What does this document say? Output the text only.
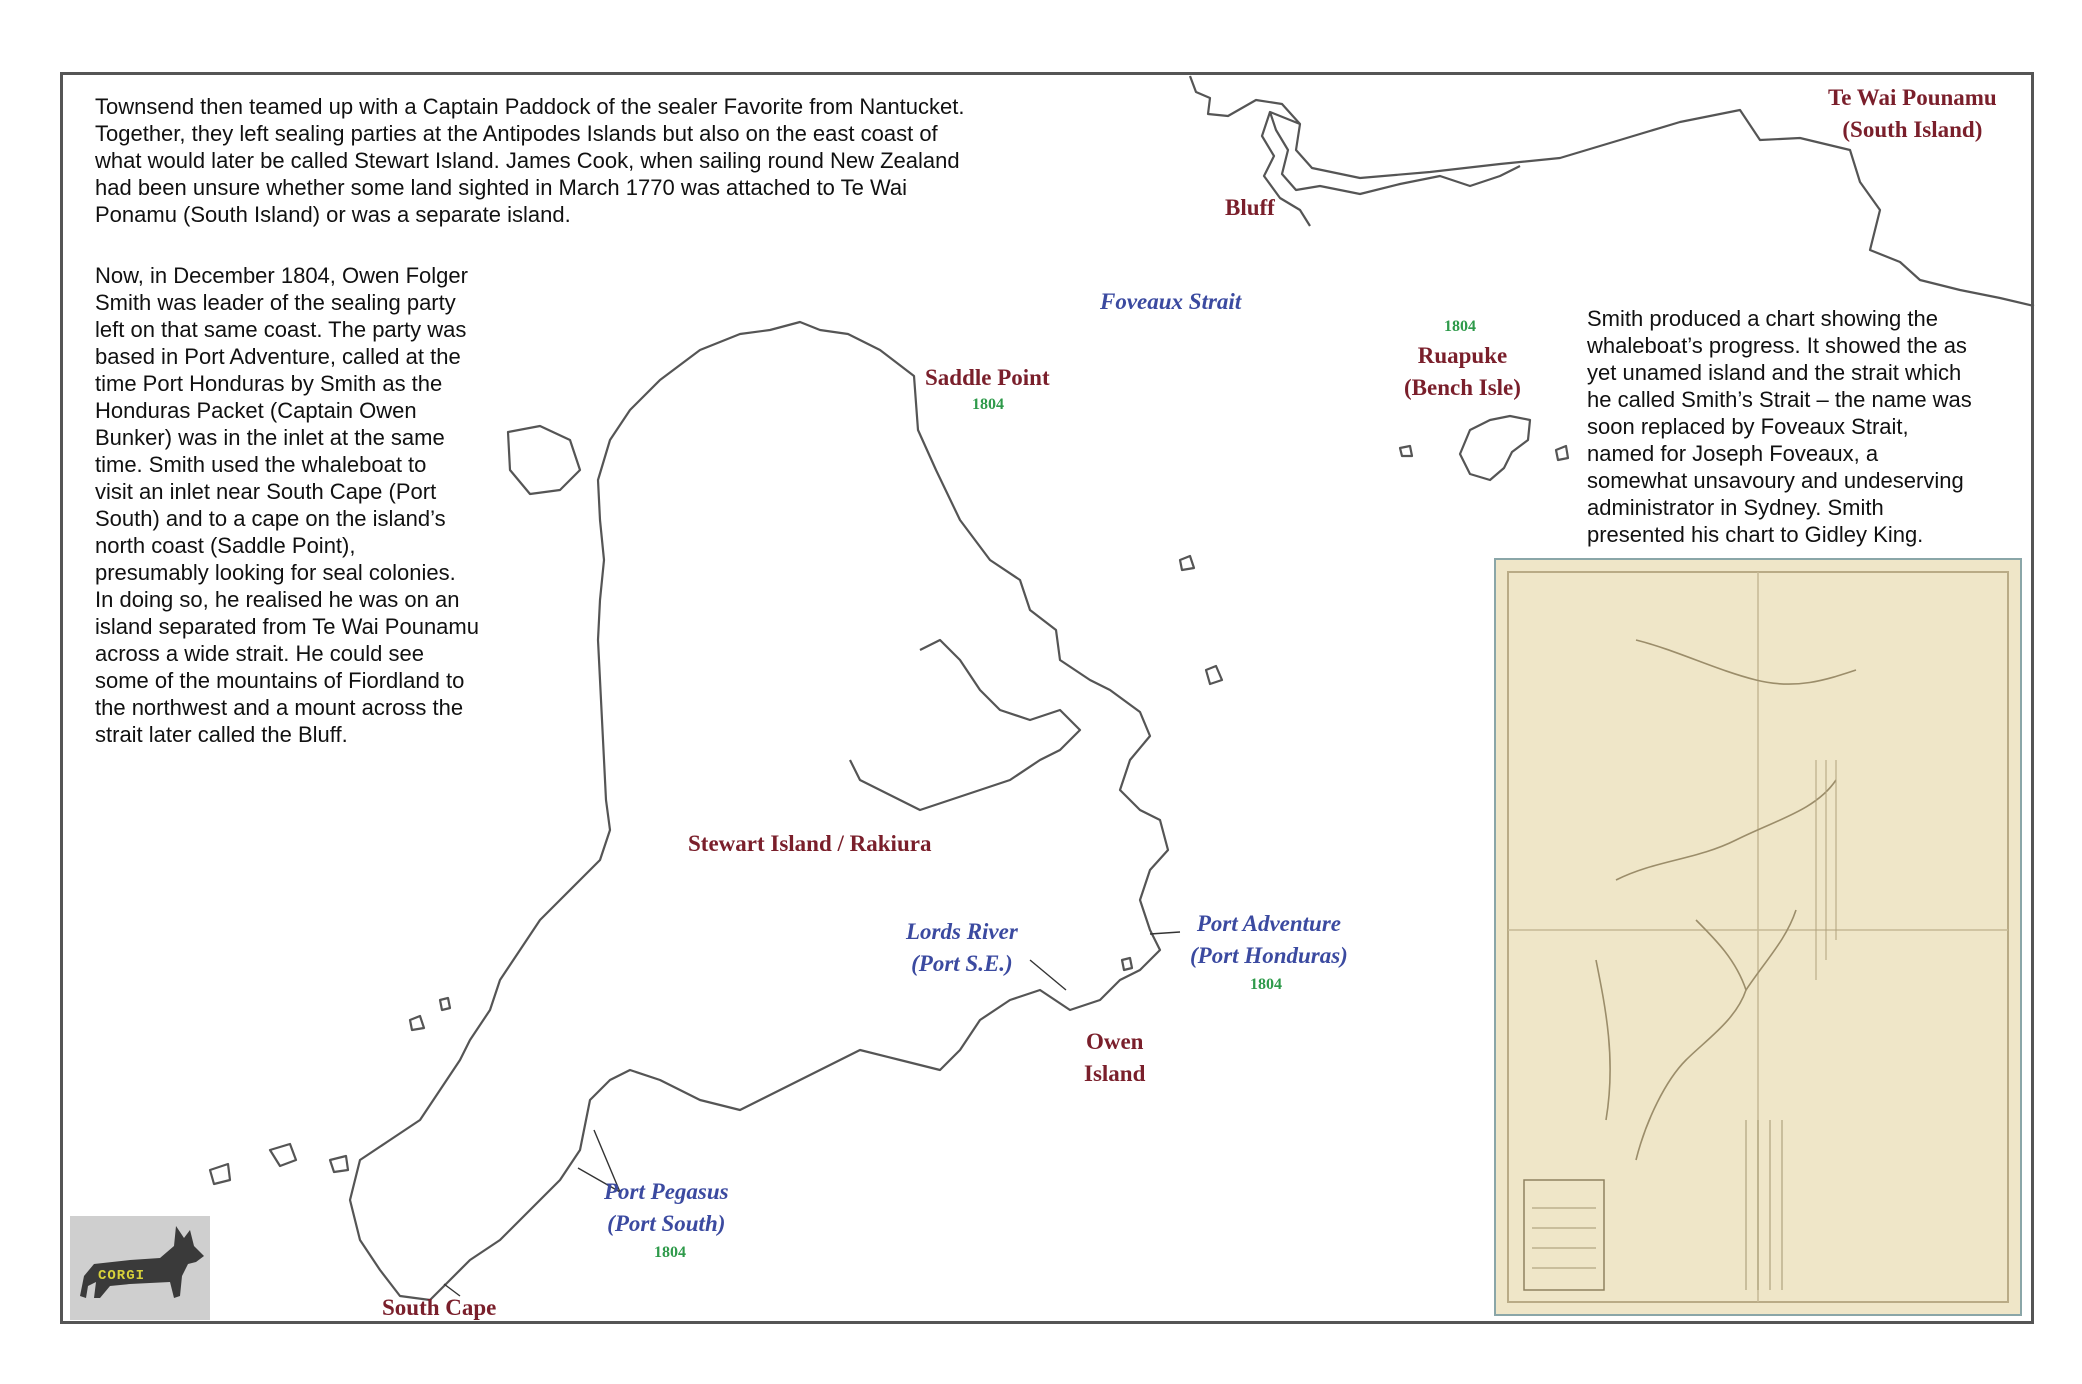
Townsend then teamed up with a Captain Paddock of the sealer Favorite from Nantucket.
Together, they left sealing parties at the Antipodes Islands but also on the east coast of
what would later be called Stewart Island. James Cook, when sailing round New Zealand
had been unsure whether some land sighted in March 1770 was attached to Te Wai
Ponamu (South Island) or was a separate island.

Now, in December 1804, Owen Folger
Smith was leader of the sealing party
left on that same coast. The party was
based in Port Adventure, called at the
time Port Honduras by Smith as the
Honduras Packet (Captain Owen
Bunker) was in the inlet at the same
time. Smith used the whaleboat to
visit an inlet near South Cape (Port
South) and to a cape on the island’s
north coast (Saddle Point),
presumably looking for seal colonies.
In doing so, he realised he was on an
island separated from Te Wai Pounamu
across a wide strait. He could see
some of the mountains of Fiordland to
the northwest and a mount across the
strait later called the Bluff.

Smith produced a chart showing the
whaleboat’s progress. It showed the as
yet unamed island and the strait which
he called Smith’s Strait – the name was
soon replaced by Foveaux Strait,
named for Joseph Foveaux, a
somewhat unsavoury and undeserving
administrator in Sydney. Smith
presented his chart to Gidley King.

Te Wai Pounamu
(South Island)
Bluff
Foveaux Strait
Saddle Point
1804
1804
Ruapuke
(Bench Isle)
Stewart Island / Rakiura
Lords River
(Port S.E.)
Port Adventure
(Port Honduras)
1804
Owen
Island
Port Pegasus
(Port South)
1804
South Cape
CORGI
